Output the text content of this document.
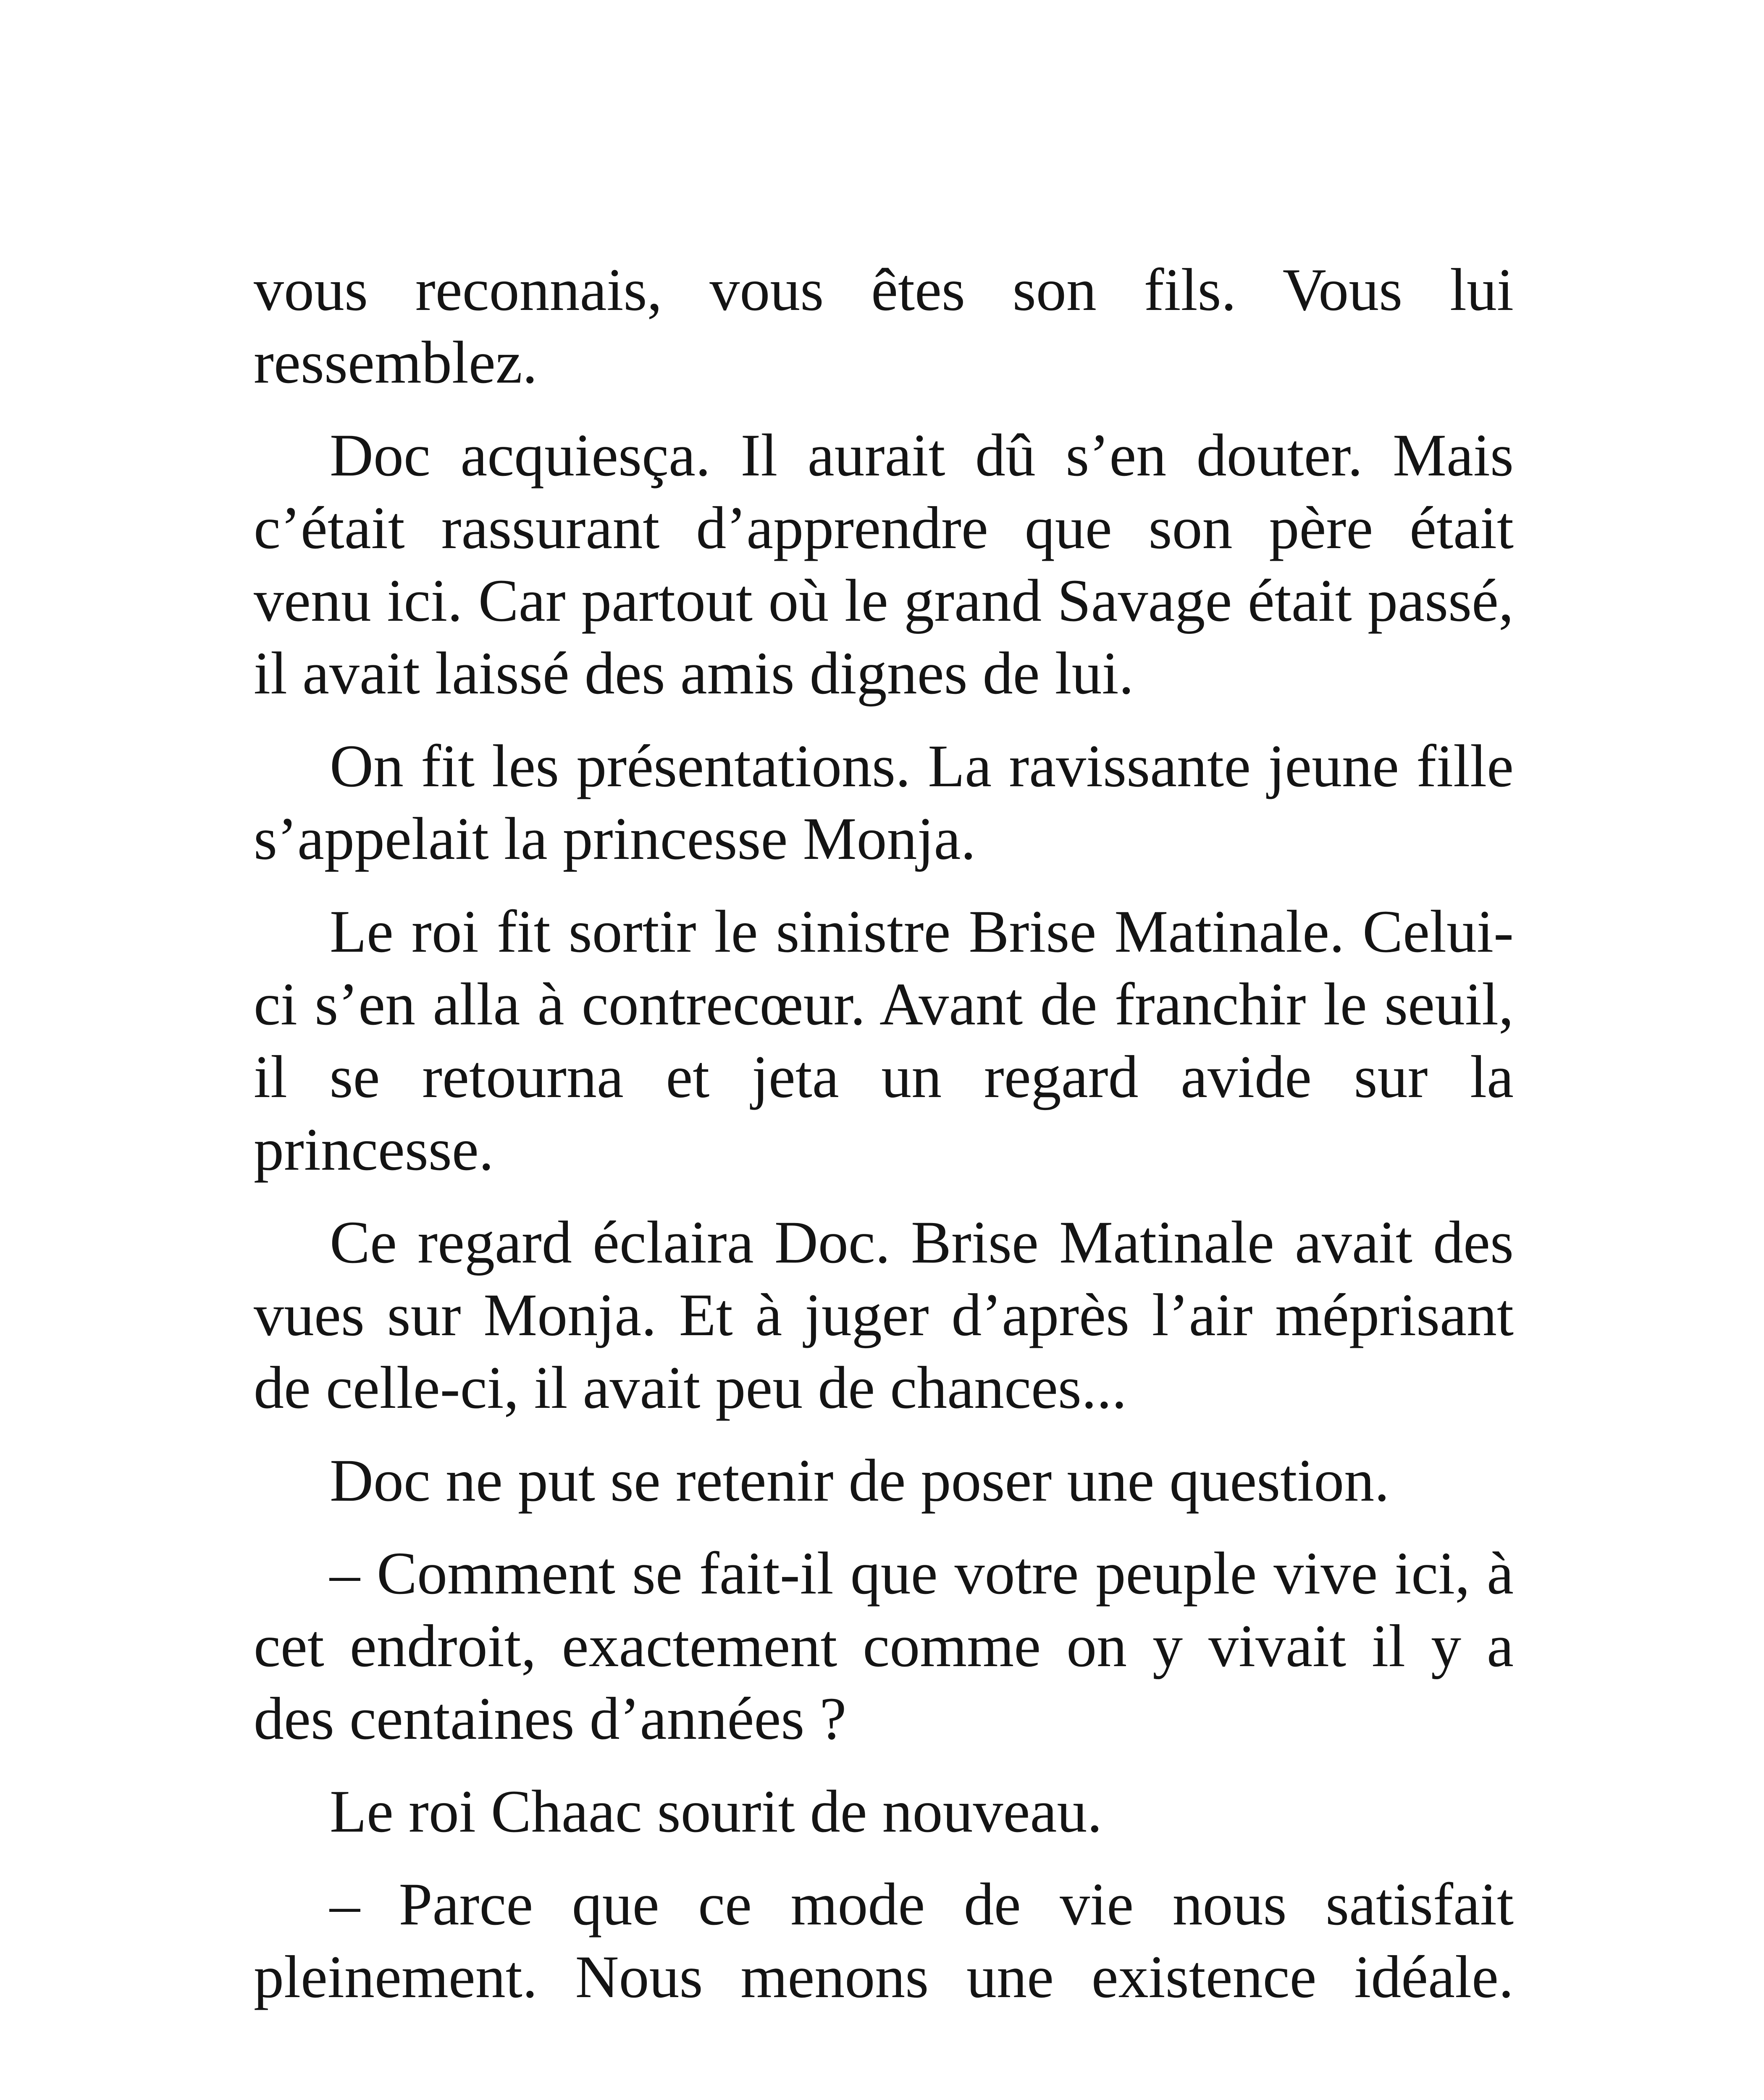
vous reconnais, vous êtes son fils. Vous lui ressemblez.

Doc acquiesça. Il aurait dû s’en douter. Mais c’était rassurant d’apprendre que son père était venu ici. Car partout où le grand Savage était passé, il avait laissé des amis dignes de lui.

On fit les présentations. La ravissante jeune fille s’appelait la princesse Monja.

Le roi fit sortir le sinistre Brise Matinale. Celui-ci s’en alla à contrecœur. Avant de franchir le seuil, il se retourna et jeta un regard avide sur la princesse.

Ce regard éclaira Doc. Brise Matinale avait des vues sur Monja. Et à juger d’après l’air méprisant de celle-ci, il avait peu de chances...

Doc ne put se retenir de poser une question.

– Comment se fait-il que votre peuple vive ici, à cet endroit, exactement comme on y vivait il y a des centaines d’années ?

Le roi Chaac sourit de nouveau.

– Parce que ce mode de vie nous satisfait pleinement. Nous menons une existence idéale.
